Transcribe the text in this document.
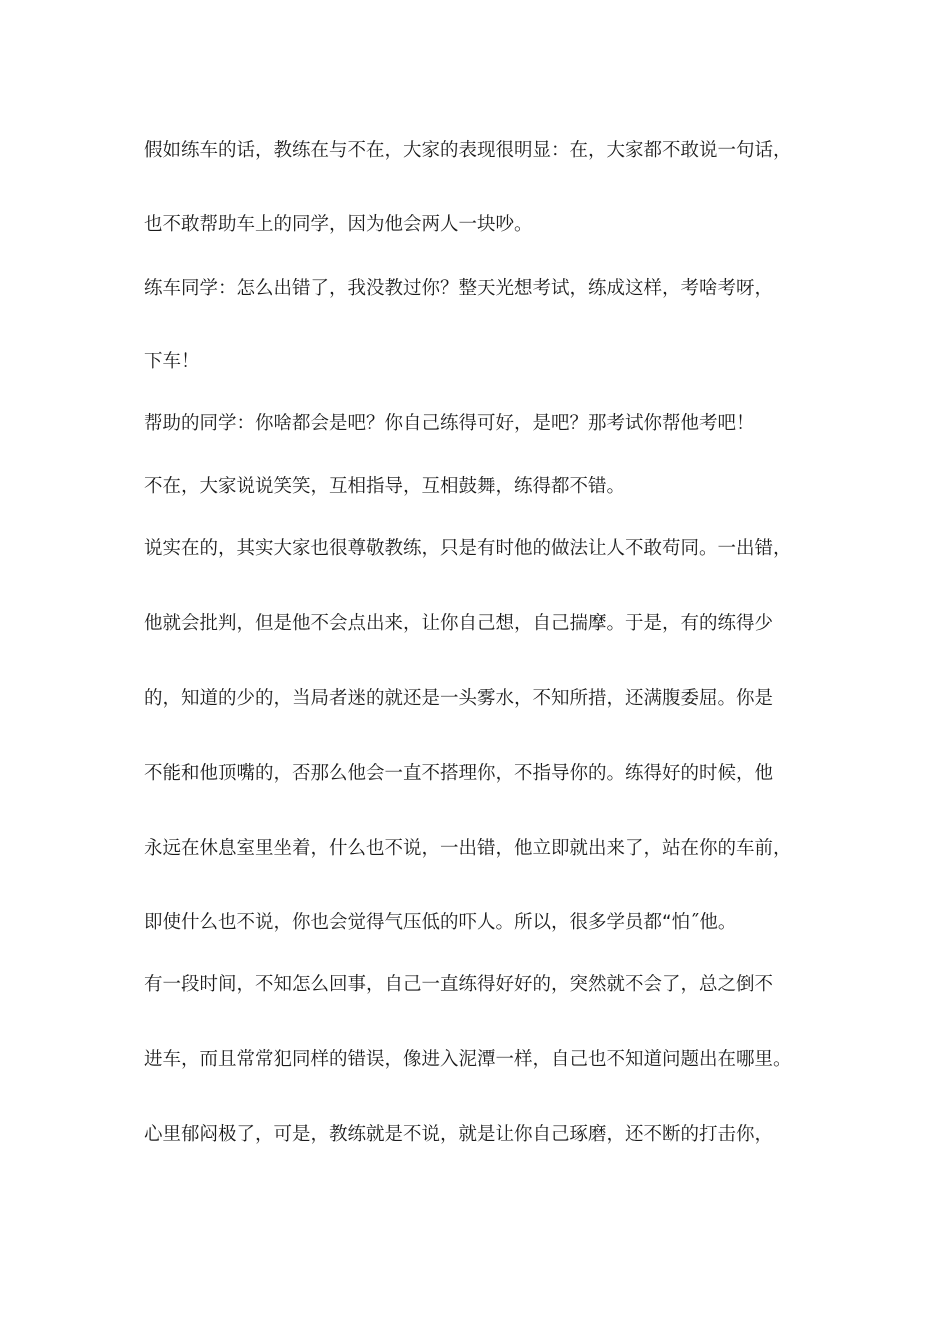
假如练车的话，教练在与不在，大家的表现很明显：在，大家都不敢说一句话，

也不敢帮助车上的同学，因为他会两人一块吵。

练车同学：怎么出错了，我没教过你？整天光想考试，练成这样，考啥考呀，

下车！

帮助的同学：你啥都会是吧？你自己练得可好，是吧？那考试你帮他考吧！

不在，大家说说笑笑，互相指导，互相鼓舞，练得都不错。

说实在的，其实大家也很尊敬教练，只是有时他的做法让人不敢苟同。一出错，

他就会批判，但是他不会点出来，让你自己想，自己揣摩。于是，有的练得少

的，知道的少的，当局者迷的就还是一头雾水，不知所措，还满腹委屈。你是

不能和他顶嘴的，否那么他会一直不搭理你，不指导你的。练得好的时候，他

永远在休息室里坐着，什么也不说，一出错，他立即就出来了，站在你的车前，

即使什么也不说，你也会觉得气压低的吓人。所以，很多学员都“怕˝他。

有一段时间，不知怎么回事，自己一直练得好好的，突然就不会了，总之倒不

进车，而且常常犯同样的错误，像进入泥潭一样，自己也不知道问题出在哪里。

心里郁闷极了，可是，教练就是不说，就是让你自己琢磨，还不断的打击你，
